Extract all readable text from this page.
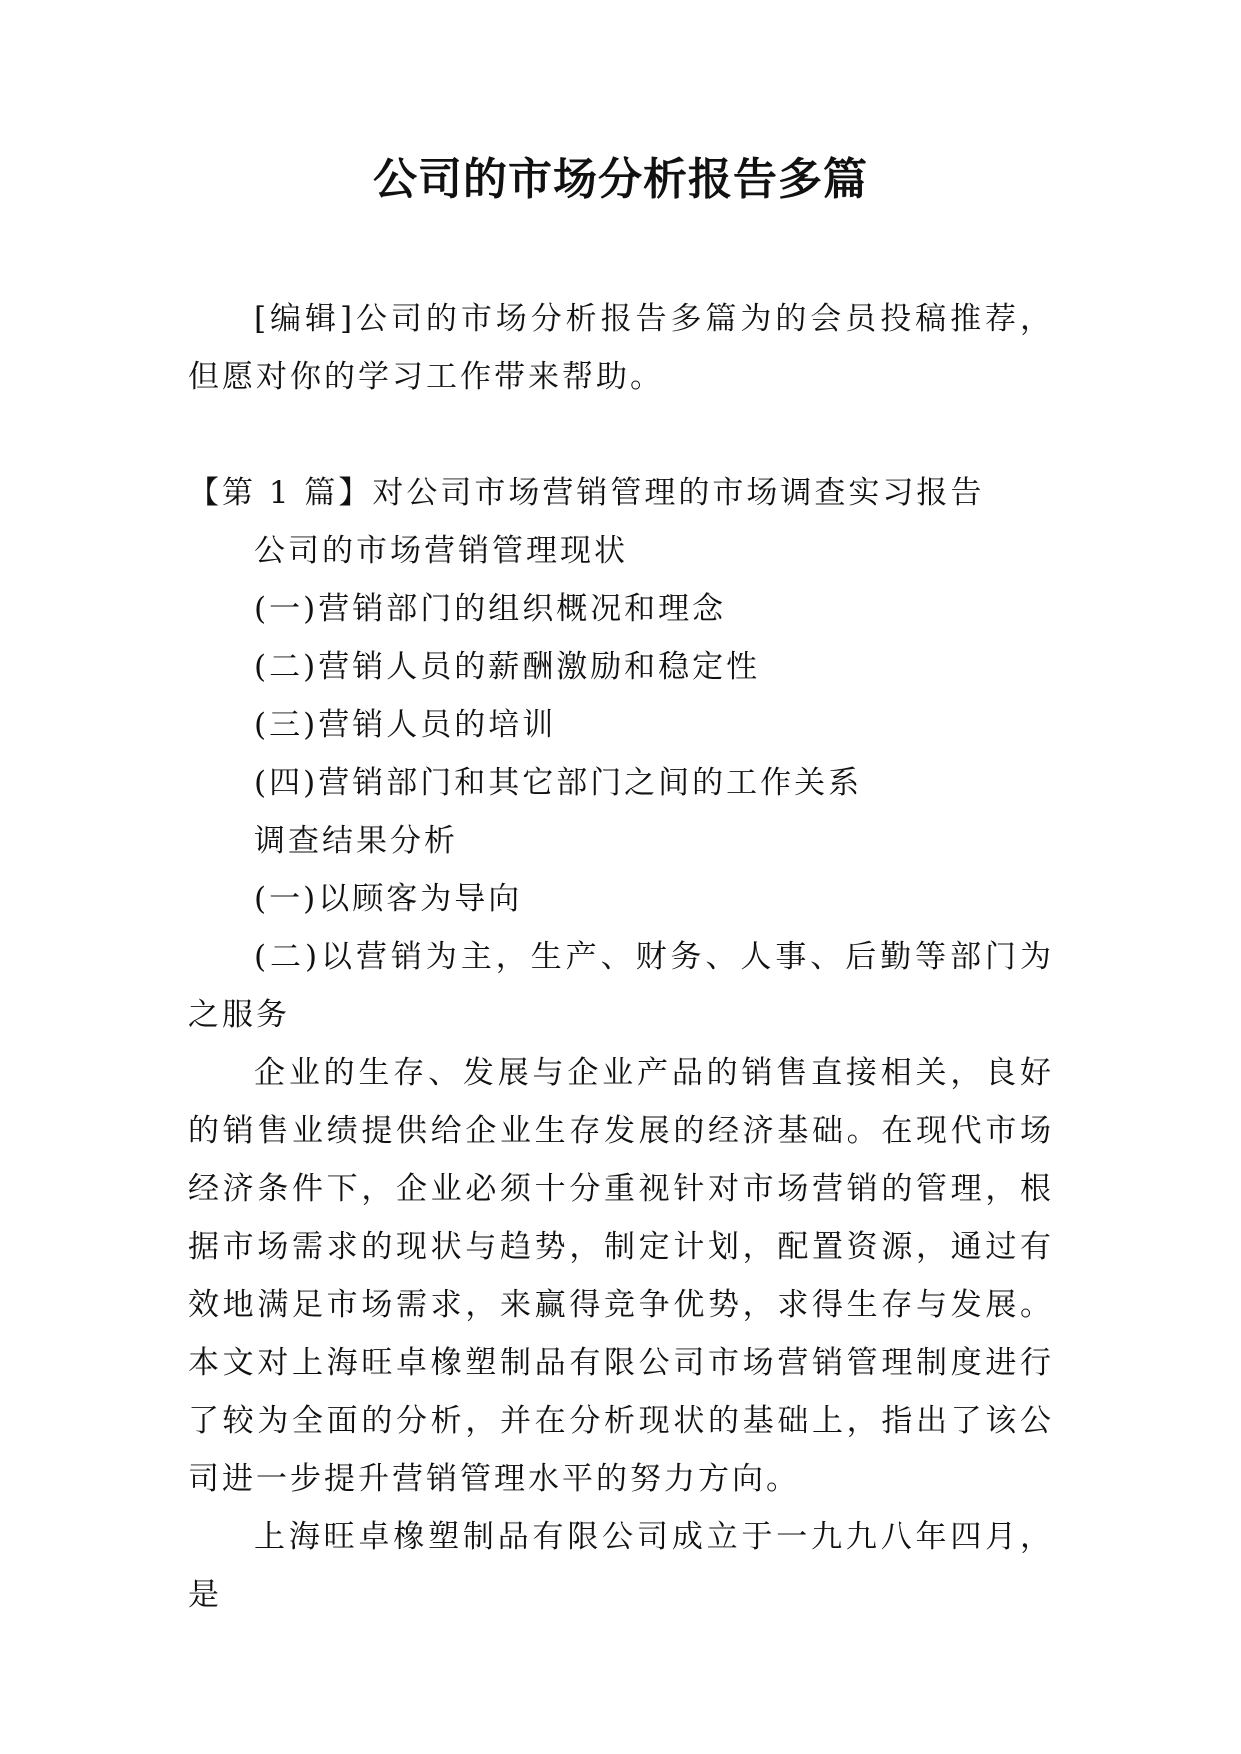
公司的市场分析报告多篇

[编辑]公司的市场分析报告多篇为的会员投稿推荐，但愿对你的学习工作带来帮助。

【第 1 篇】对公司市场营销管理的市场调查实习报告

公司的市场营销管理现状

(一)营销部门的组织概况和理念

(二)营销人员的薪酬激励和稳定性

(三)营销人员的培训

(四)营销部门和其它部门之间的工作关系

调查结果分析

(一)以顾客为导向

(二)以营销为主，生产、财务、人事、后勤等部门为之服务

企业的生存、发展与企业产品的销售直接相关，良好的销售业绩提供给企业生存发展的经济基础。在现代市场经济条件下，企业必须十分重视针对市场营销的管理，根据市场需求的现状与趋势，制定计划，配置资源，通过有效地满足市场需求，来赢得竞争优势，求得生存与发展。本文对上海旺卓橡塑制品有限公司市场营销管理制度进行了较为全面的分析，并在分析现状的基础上，指出了该公司进一步提升营销管理水平的努力方向。

上海旺卓橡塑制品有限公司成立于一九九八年四月，是
